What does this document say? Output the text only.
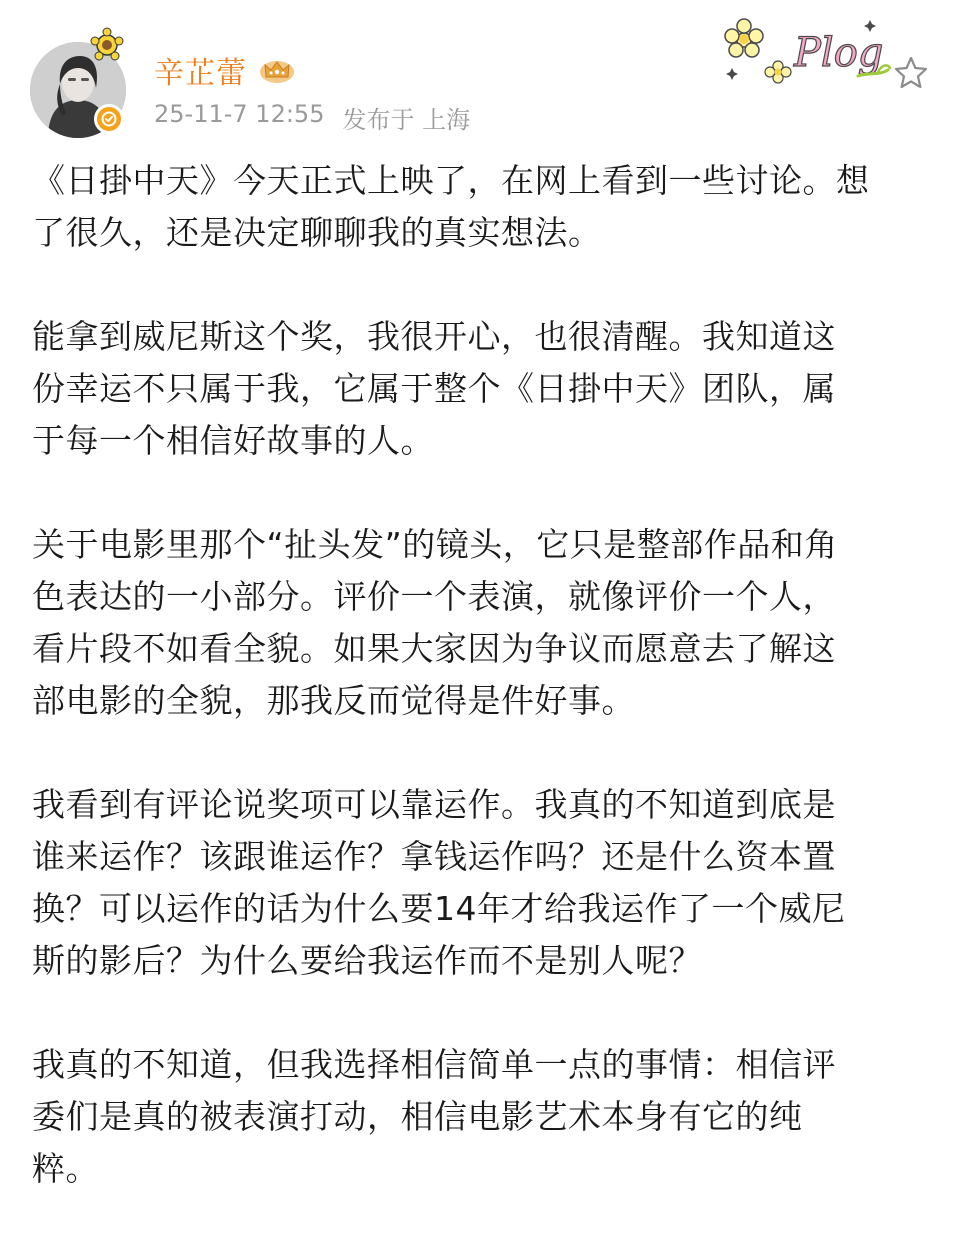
辛芷蕾
25-11-7 12:55 发布于 上海
Plog

《日掛中天》今天正式上映了，在网上看到一些讨论。想
了很久，还是决定聊聊我的真实想法。

能拿到威尼斯这个奖，我很开心，也很清醒。我知道这
份幸运不只属于我，它属于整个《日掛中天》团队，属
于每一个相信好故事的人。

关于电影里那个“扯头发”的镜头，它只是整部作品和角
色表达的一小部分。评价一个表演，就像评价一个人，
看片段不如看全貌。如果大家因为争议而愿意去了解这
部电影的全貌，那我反而觉得是件好事。

我看到有评论说奖项可以靠运作。我真的不知道到底是
谁来运作？该跟谁运作？拿钱运作吗？还是什么资本置
换？可以运作的话为什么要14年才给我运作了一个威尼
斯的影后？为什么要给我运作而不是别人呢？

我真的不知道，但我选择相信简单一点的事情：相信评
委们是真的被表演打动，相信电影艺术本身有它的纯
粹。
